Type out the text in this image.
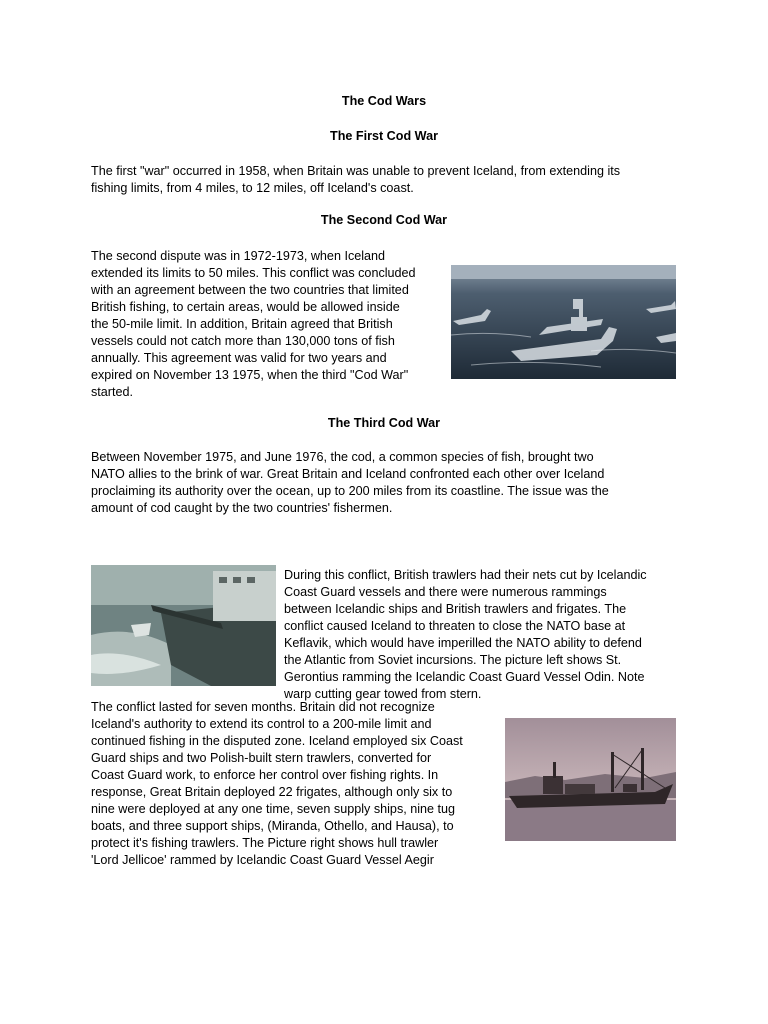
The Cod Wars
The First Cod War
The first "war" occurred in 1958, when Britain was unable to prevent Iceland, from extending its
fishing limits, from 4 miles, to 12 miles, off Iceland's coast.
The Second Cod War
The second dispute was in 1972-1973, when Iceland
extended its limits to 50 miles. This conflict was concluded
with an agreement between the two countries that limited
British fishing, to certain areas, would be allowed inside
the 50-mile limit. In addition, Britain agreed that British
vessels could not catch more than 130,000 tons of fish
annually. This agreement was valid for two years and
expired on November 13 1975, when the third "Cod War"
started.
The Third Cod War
Between November 1975, and June 1976, the cod, a common species of fish, brought two
NATO allies to the brink of war. Great Britain and Iceland confronted each other over Iceland
proclaiming its authority over the ocean, up to 200 miles from its coastline. The issue was the
amount of cod caught by the two countries' fishermen.
During this conflict, British trawlers had their nets cut by Icelandic
Coast Guard vessels and there were numerous rammings
between Icelandic ships and British trawlers and frigates. The
conflict caused Iceland to threaten to close the NATO base at
Keflavik, which would have imperilled the NATO ability to defend
the Atlantic from Soviet incursions. The picture left shows St.
Gerontius ramming the Icelandic Coast Guard Vessel Odin. Note
warp cutting gear towed from stern.
The conflict lasted for seven months. Britain did not recognize
Iceland's authority to extend its control to a 200-mile limit and
continued fishing in the disputed zone. Iceland employed six Coast
Guard ships and two Polish-built stern trawlers, converted for
Coast Guard work, to enforce her control over fishing rights. In
response, Great Britain deployed 22 frigates, although only six to
nine were deployed at any one time, seven supply ships, nine tug
boats, and three support ships, (Miranda, Othello, and Hausa), to
protect it's fishing trawlers. The Picture right shows hull trawler
'Lord Jellicoe' rammed by Icelandic Coast Guard Vessel Aegir
